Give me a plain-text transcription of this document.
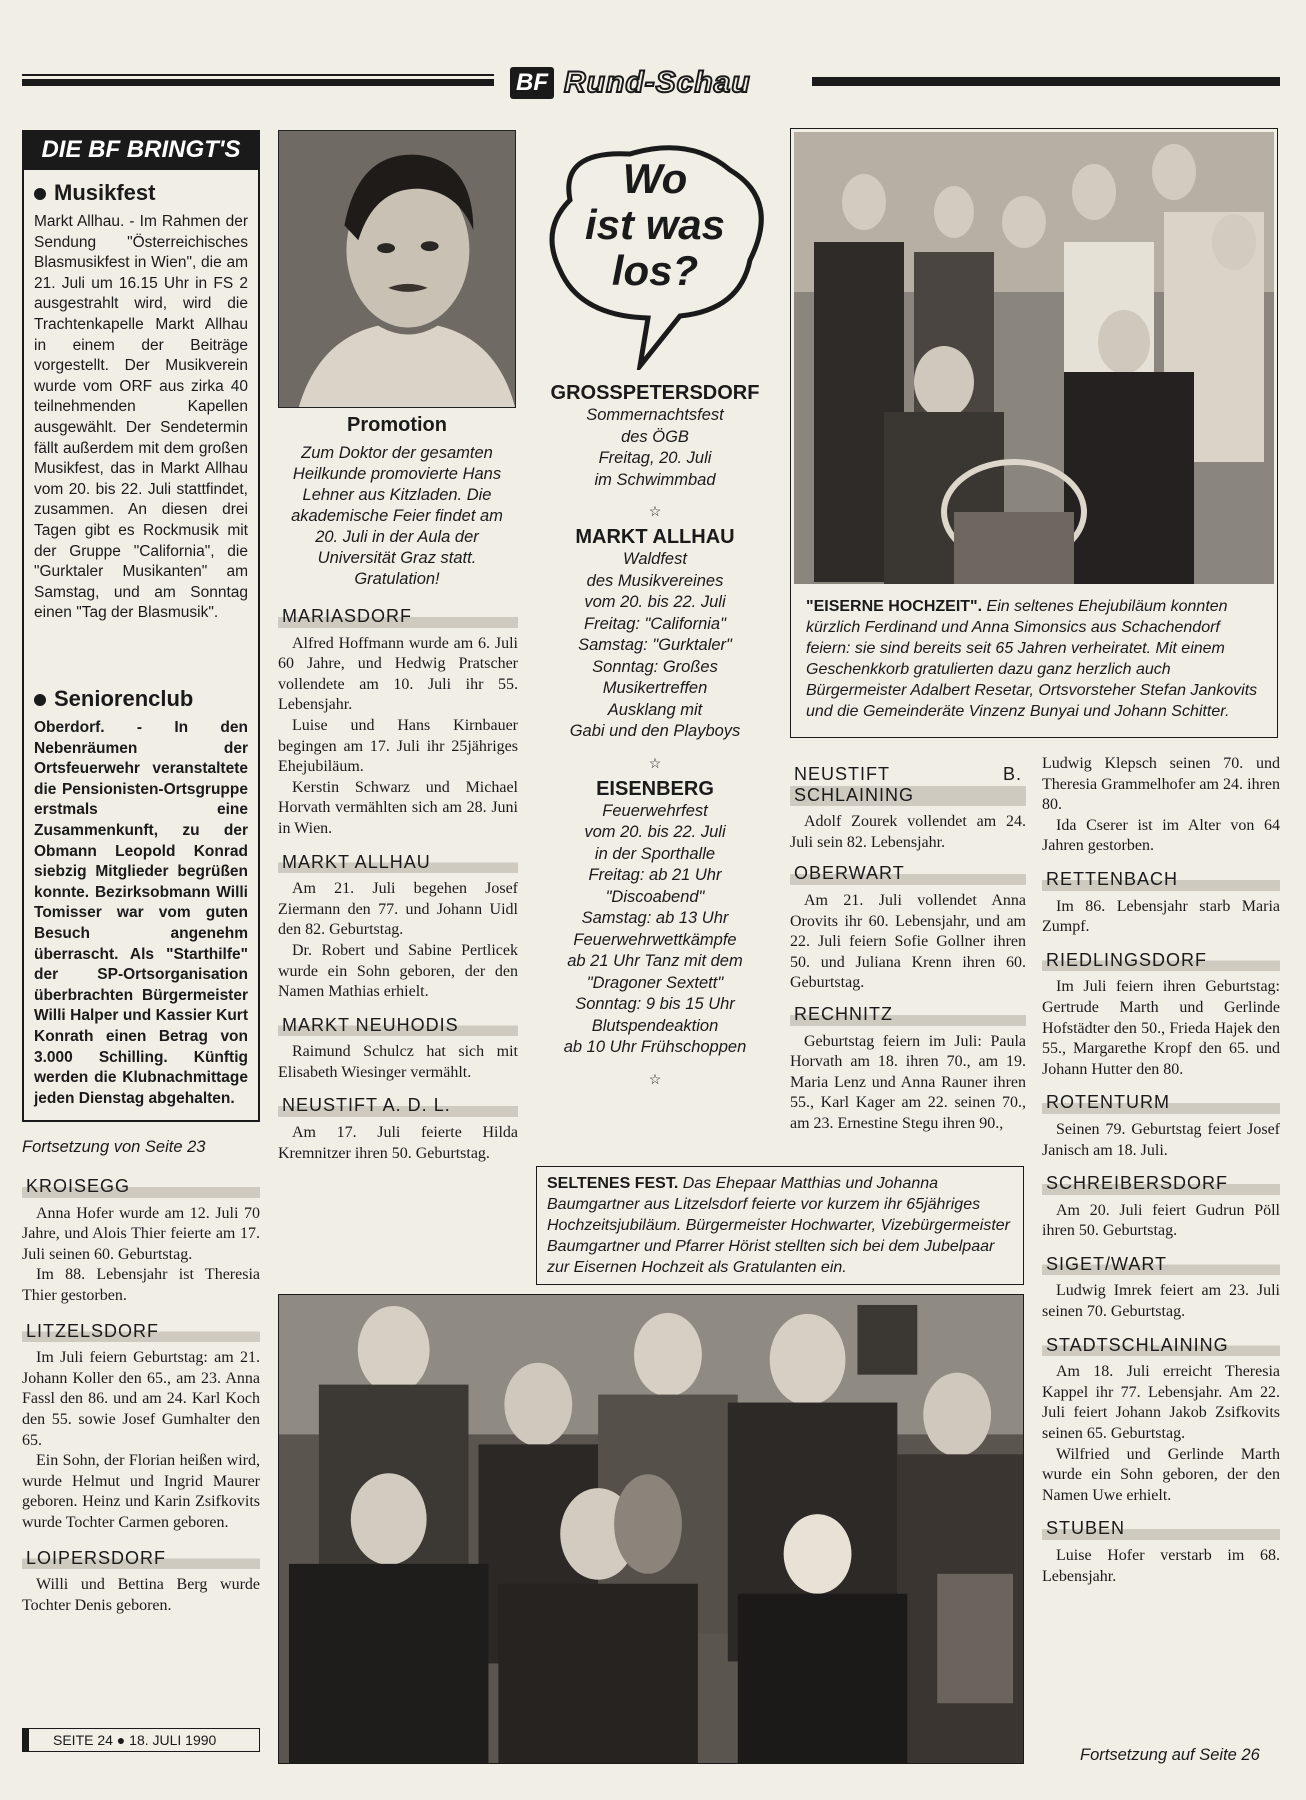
BF Rund-Schau
DIE BF BRINGT'S
Musikfest
Markt Allhau. - Im Rahmen der Sendung "Österreichisches Blasmusikfest in Wien", die am 21. Juli um 16.15 Uhr in FS 2 ausgestrahlt wird, wird die Trachtenkapelle Markt Allhau in einem der Beiträge vorgestellt. Der Musikverein wurde vom ORF aus zirka 40 teilnehmenden Kapellen ausgewählt. Der Sendetermin fällt außerdem mit dem großen Musikfest, das in Markt Allhau vom 20. bis 22. Juli stattfindet, zusammen. An diesen drei Tagen gibt es Rockmusik mit der Gruppe "California", die "Gurktaler Musikanten" am Samstag, und am Sonntag einen "Tag der Blasmusik".
Seniorenclub
Oberdorf. - In den Nebenräumen der Ortsfeuerwehr veranstaltete die Pensionisten-Ortsgruppe erstmals eine Zusammenkunft, zu der Obmann Leopold Konrad siebzig Mitglieder begrüßen konnte. Bezirksobmann Willi Tomisser war vom guten Besuch angenehm überrascht. Als "Starthilfe" der SP-Ortsorganisation überbrachten Bürgermeister Willi Halper und Kassier Kurt Konrath einen Betrag von 3.000 Schilling. Künftig werden die Klubnachmittage jeden Dienstag abgehalten.
Fortsetzung von Seite 23
KROISEGG

Anna Hofer wurde am 12. Juli 70 Jahre, und Alois Thier feierte am 17. Juli seinen 60. Geburtstag.

Im 88. Lebensjahr ist Theresia Thier gestorben.

LITZELSDORF

Im Juli feiern Geburtstag: am 21. Johann Koller den 65., am 23. Anna Fassl den 86. und am 24. Karl Koch den 55. sowie Josef Gumhalter den 65.

Ein Sohn, der Florian heißen wird, wurde Helmut und Ingrid Maurer geboren. Heinz und Karin Zsifkovits wurde Tochter Carmen geboren.

LOIPERSDORF

Willi und Bettina Berg wurde Tochter Denis geboren.

SEITE 24 ● 18. JULI 1990
Promotion
Zum Doktor der gesamten Heilkunde promovierte Hans Lehner aus Kitzladen. Die akademische Feier findet am 20. Juli in der Aula der Universität Graz statt. Gratulation!
MARIASDORF

Alfred Hoffmann wurde am 6. Juli 60 Jahre, und Hedwig Pratscher vollendete am 10. Juli ihr 55. Lebensjahr.

Luise und Hans Kirnbauer begingen am 17. Juli ihr 25jähriges Ehejubiläum.

Kerstin Schwarz und Michael Horvath vermählten sich am 28. Juni in Wien.

MARKT ALLHAU

Am 21. Juli begehen Josef Ziermann den 77. und Johann Uidl den 82. Geburtstag.

Dr. Robert und Sabine Pertlicek wurde ein Sohn geboren, der den Namen Mathias erhielt.

MARKT NEUHODIS

Raimund Schulcz hat sich mit Elisabeth Wiesinger vermählt.

NEUSTIFT A. D. L.

Am 17. Juli feierte Hilda Kremnitzer ihren 50. Geburtstag.

Wo
ist was
los?
GROSSPETERSDORF
Sommernachtsfest
des ÖGB
Freitag, 20. Juli
im Schwimmbad
☆
MARKT ALLHAU
Waldfest
des Musikvereines
vom 20. bis 22. Juli
Freitag: "California"
Samstag: "Gurktaler"
Sonntag: Großes
Musikertreffen
Ausklang mit
Gabi und den Playboys
☆
EISENBERG
Feuerwehrfest
vom 20. bis 22. Juli
in der Sporthalle
Freitag: ab 21 Uhr
"Discoabend"
Samstag: ab 13 Uhr
Feuerwehrwettkämpfe
ab 21 Uhr Tanz mit dem
"Dragoner Sextett"
Sonntag: 9 bis 15 Uhr
Blutspendeaktion
ab 10 Uhr Frühschoppen
☆
"EISERNE HOCHZEIT". Ein seltenes Ehejubiläum konnten kürzlich Ferdinand und Anna Simonsics aus Schachendorf feiern: sie sind bereits seit 65 Jahren verheiratet. Mit einem Geschenkkorb gratulierten dazu ganz herzlich auch Bürgermeister Adalbert Resetar, Ortsvorsteher Stefan Jankovits und die Gemeinderäte Vinzenz Bunyai und Johann Schitter.
NEUSTIFT B. SCHLAINING

Adolf Zourek vollendet am 24. Juli sein 82. Lebensjahr.

OBERWART

Am 21. Juli vollendet Anna Orovits ihr 60. Lebensjahr, und am 22. Juli feiern Sofie Gollner ihren 50. und Juliana Krenn ihren 60. Geburtstag.

RECHNITZ

Geburtstag feiern im Juli: Paula Horvath am 18. ihren 70., am 19. Maria Lenz und Anna Rauner ihren 55., Karl Kager am 22. seinen 70., am 23. Ernestine Stegu ihren 90.,

Ludwig Klepsch seinen 70. und Theresia Grammelhofer am 24. ihren 80.

Ida Cserer ist im Alter von 64 Jahren gestorben.

RETTENBACH

Im 86. Lebensjahr starb Maria Zumpf.

RIEDLINGSDORF

Im Juli feiern ihren Geburtstag: Gertrude Marth und Gerlinde Hofstädter den 50., Frieda Hajek den 55., Margarethe Kropf den 65. und Johann Hutter den 80.

ROTENTURM

Seinen 79. Geburtstag feiert Josef Janisch am 18. Juli.

SCHREIBERSDORF

Am 20. Juli feiert Gudrun Pöll ihren 50. Geburtstag.

SIGET/WART

Ludwig Imrek feiert am 23. Juli seinen 70. Geburtstag.

STADTSCHLAINING

Am 18. Juli erreicht Theresia Kappel ihr 77. Lebensjahr. Am 22. Juli feiert Johann Jakob Zsifkovits seinen 65. Geburtstag.

Wilfried und Gerlinde Marth wurde ein Sohn geboren, der den Namen Uwe erhielt.

STUBEN

Luise Hofer verstarb im 68. Lebensjahr.

Fortsetzung auf Seite 26
SELTENES FEST. Das Ehepaar Matthias und Johanna Baumgartner aus Litzelsdorf feierte vor kurzem ihr 65jähriges Hochzeitsjubiläum. Bürgermeister Hochwarter, Vizebürgermeister Baumgartner und Pfarrer Hörist stellten sich bei dem Jubelpaar zur Eisernen Hochzeit als Gratulanten ein.
